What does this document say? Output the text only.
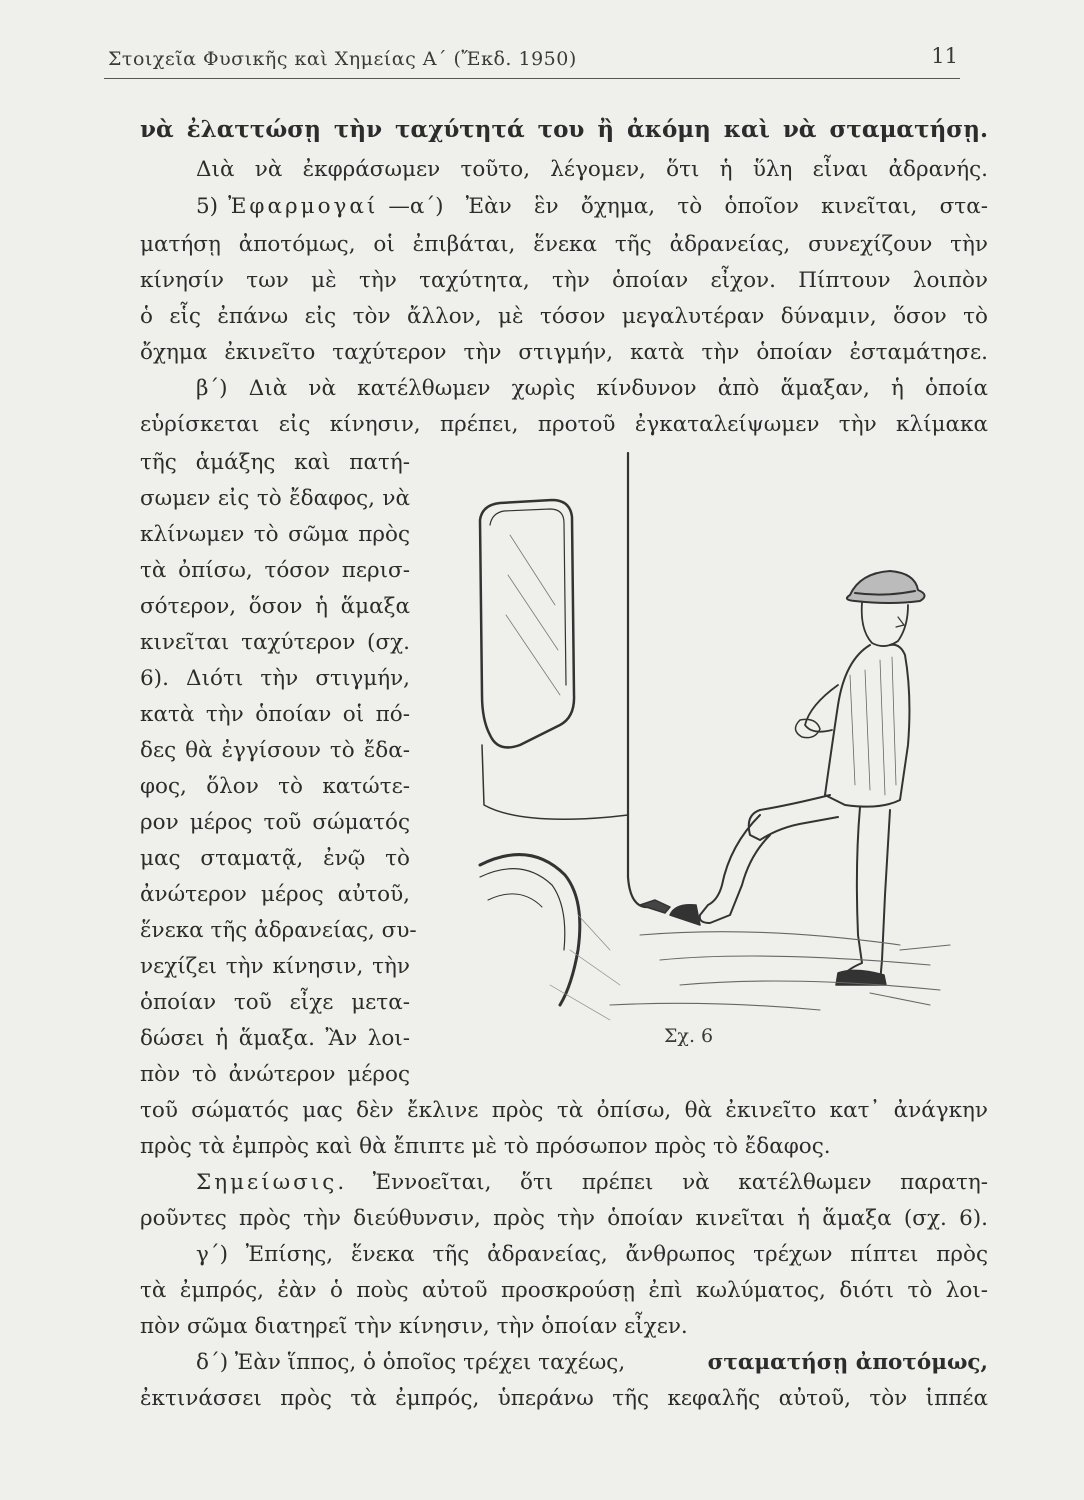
Στοιχεῖα Φυσικῆς καὶ Χημείας Α΄ (Ἔκδ. 1950)	11
νὰ ἐλαττώσῃ τὴν ταχύτητά του ἢ ἀκόμη καὶ νὰ σταματήσῃ.
Διὰ νὰ ἐκφράσωμεν τοῦτο, λέγομεν, ὅτι ἡ ὕλη εἶναι ἀδρανής.
5) Ἐφαρμογαί —α΄) Ἐὰν ἓν ὄχημα, τὸ ὁποῖον κινεῖται, στα-
ματήσῃ ἀποτόμως, οἱ ἐπιβάται, ἕνεκα τῆς ἀδρανείας, συνεχίζουν τὴν
κίνησίν των μὲ τὴν ταχύτητα, τὴν ὁποίαν εἶχον. Πίπτουν λοιπὸν
ὁ εἷς ἐπάνω εἰς τὸν ἄλλον, μὲ τόσον μεγαλυτέραν δύναμιν, ὅσον τὸ
ὄχημα ἐκινεῖτο ταχύτερον τὴν στιγμήν, κατὰ τὴν ὁποίαν ἐσταμάτησε.
β΄) Διὰ νὰ κατέλθωμεν χωρὶς κίνδυνον ἀπὸ ἅμαξαν, ἡ ὁποία
εὑρίσκεται εἰς κίνησιν, πρέπει, προτοῦ ἐγκαταλείψωμεν τὴν κλίμακα
τῆς ἁμάξης καὶ πατή-
σωμεν εἰς τὸ ἔδαφος, νὰ
κλίνωμεν τὸ σῶμα πρὸς
τὰ ὀπίσω, τόσον περισ-
σότερον, ὅσον ἡ ἅμαξα
κινεῖται ταχύτερον (σχ.
6). Διότι τὴν στιγμήν,
κατὰ τὴν ὁποίαν οἱ πό-
δες θὰ ἐγγίσουν τὸ ἔδα-
φος, ὅλον τὸ κατώτε-
ρον μέρος τοῦ σώματός
μας σταματᾷ, ἐνῷ τὸ
ἀνώτερον μέρος αὐτοῦ,
ἕνεκα τῆς ἀδρανείας, συ-
νεχίζει τὴν κίνησιν, τὴν
ὁποίαν τοῦ εἶχε μετα-
δώσει ἡ ἅμαξα. Ἂν λοι-
πὸν τὸ ἀνώτερον μέρος
τοῦ σώματός μας δὲν ἔκλινε πρὸς τὰ ὀπίσω, θὰ ἐκινεῖτο κατ᾽ ἀνάγκην
πρὸς τὰ ἐμπρὸς καὶ θὰ ἔπιπτε μὲ τὸ πρόσωπον πρὸς τὸ ἔδαφος.
Σημείωσις . Ἐννοεῖται, ὅτι πρέπει νὰ κατέλθωμεν παρατη-
ροῦντες πρὸς τὴν διεύθυνσιν, πρὸς τὴν ὁποίαν κινεῖται ἡ ἅμαξα (σχ. 6).
γ΄) Ἐπίσης, ἕνεκα τῆς ἀδρανείας, ἄνθρωπος τρέχων πίπτει πρὸς
τὰ ἐμπρός, ἐὰν ὁ ποὺς αὐτοῦ προσκρούσῃ ἐπὶ κωλύματος, διότι τὸ λοι-
πὸν σῶμα διατηρεῖ τὴν κίνησιν, τὴν ὁποίαν εἶχεν.
δ΄) Ἐὰν ἵππος, ὁ ὁποῖος τρέχει ταχέως,	σταματήσῃ ἀποτόμως,
ἐκτινάσσει πρὸς τὰ ἐμπρός, ὑπεράνω τῆς κεφαλῆς αὐτοῦ, τὸν ἱππέα
Σχ. 6
